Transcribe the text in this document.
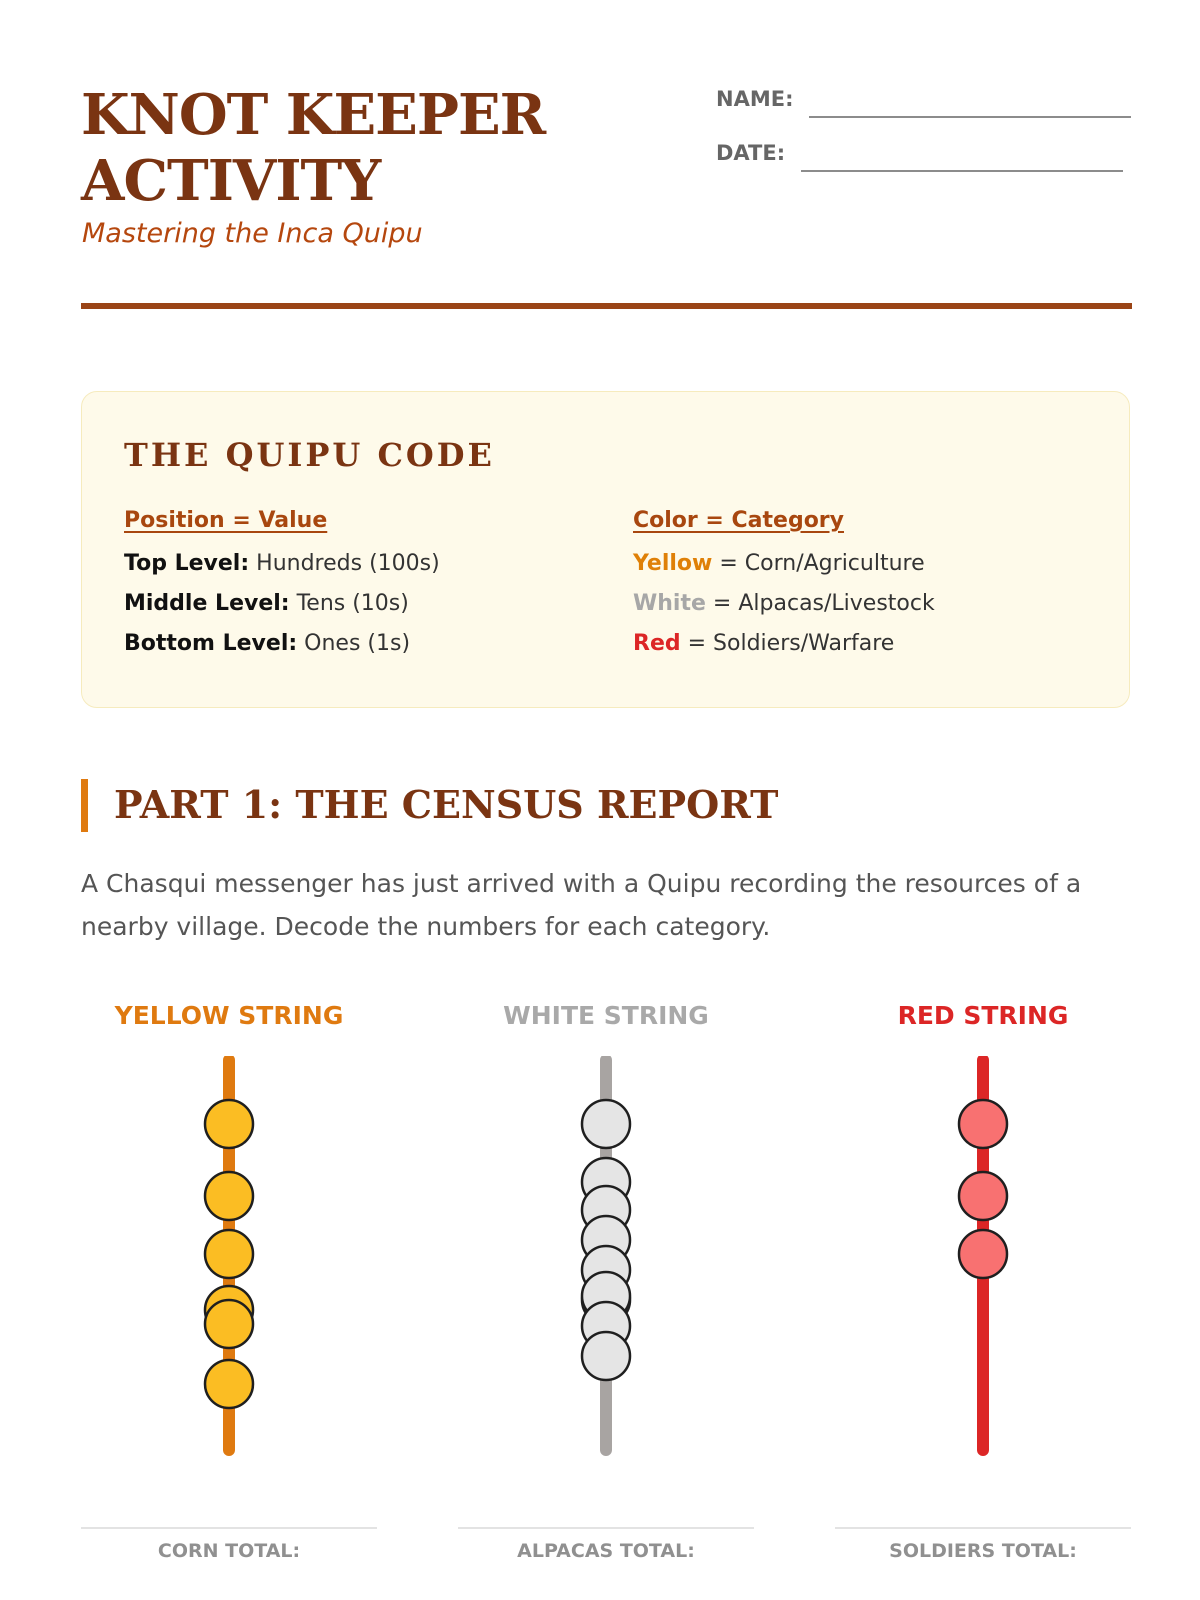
KNOT KEEPER
ACTIVITY
Mastering the Inca Quipu
NAME:
DATE:
THE QUIPU CODE
Position = Value
Top Level: Hundreds (100s)
Middle Level: Tens (10s)
Bottom Level: Ones (1s)
Color = Category
Yellow = Corn/Agriculture
White = Alpacas/Livestock
Red = Soldiers/Warfare
PART 1: THE CENSUS REPORT

A Chasqui messenger has just arrived with a Quipu recording the resources of a nearby village. Decode the numbers for each category.

YELLOW STRING
CORN TOTAL:
WHITE STRING
ALPACAS TOTAL:
RED STRING
SOLDIERS TOTAL:
